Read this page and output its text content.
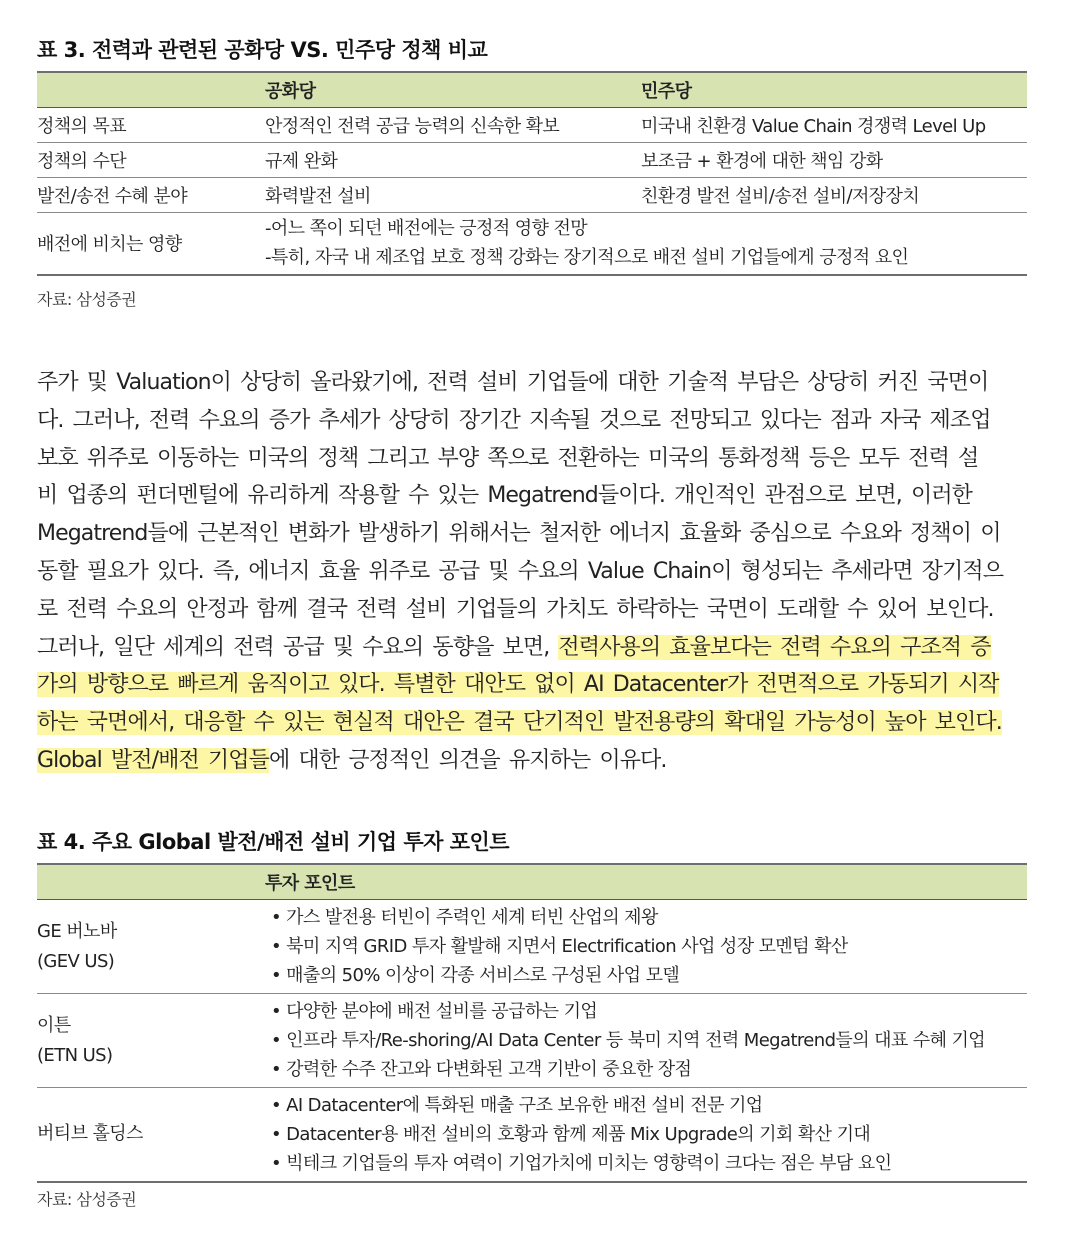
표 3. 전력과 관련된 공화당 VS. 민주당 정책 비교
	공화당	민주당
정책의 목표	안정적인 전력 공급 능력의 신속한 확보	미국내 친환경 Value Chain 경쟁력 Level Up
정책의 수단	규제 완화	보조금 + 환경에 대한 책임 강화
발전/송전 수혜 분야	화력발전 설비	친환경 발전 설비/송전 설비/저장장치
배전에 비치는 영향	-어느 쪽이 되던 배전에는 긍정적 영향 전망
-특히, 자국 내 제조업 보호 정책 강화는 장기적으로 배전 설비 기업들에게 긍정적 요인	
자료: 삼성증권
주가 및 Valuation이 상당히 올라왔기에, 전력 설비 기업들에 대한 기술적 부담은 상당히 커진 국면이
다. 그러나, 전력 수요의 증가 추세가 상당히 장기간 지속될 것으로 전망되고 있다는 점과 자국 제조업
보호 위주로 이동하는 미국의 정책 그리고 부양 쪽으로 전환하는 미국의 통화정책 등은 모두 전력 설
비 업종의 펀더멘털에 유리하게 작용할 수 있는 Megatrend들이다. 개인적인 관점으로 보면, 이러한
Megatrend들에 근본적인 변화가 발생하기 위해서는 철저한 에너지 효율화 중심으로 수요와 정책이 이
동할 필요가 있다. 즉, 에너지 효율 위주로 공급 및 수요의 Value Chain이 형성되는 추세라면 장기적으
로 전력 수요의 안정과 함께 결국 전력 설비 기업들의 가치도 하락하는 국면이 도래할 수 있어 보인다.
그러나, 일단 세계의 전력 공급 및 수요의 동향을 보면, 전력사용의 효율보다는 전력 수요의 구조적 증
가의 방향으로 빠르게 움직이고 있다. 특별한 대안도 없이 AI Datacenter가 전면적으로 가동되기 시작
하는 국면에서, 대응할 수 있는 현실적 대안은 결국 단기적인 발전용량의 확대일 가능성이 높아 보인다.
Global 발전/배전 기업들에 대한 긍정적인 의견을 유지하는 이유다.
표 4. 주요 Global 발전/배전 설비 기업 투자 포인트
	투자 포인트

GE 버노바
(GEV US)	• 가스 발전용 터빈이 주력인 세계 터빈 산업의 제왕
• 북미 지역 GRID 투자 활발해 지면서 Electrification 사업 성장 모멘텀 확산
• 매출의 50% 이상이 각종 서비스로 구성된 사업 모델

이튼
(ETN US)	• 다양한 분야에 배전 설비를 공급하는 기업
• 인프라 투자/Re-shoring/AI Data Center 등 북미 지역 전력 Megatrend들의 대표 수혜 기업
• 강력한 수주 잔고와 다변화된 고객 기반이 중요한 장점

버티브 홀딩스	• AI Datacenter에 특화된 매출 구조 보유한 배전 설비 전문 기업
• Datacenter용 배전 설비의 호황과 함께 제품 Mix Upgrade의 기회 확산 기대
• 빅테크 기업들의 투자 여력이 기업가치에 미치는 영향력이 크다는 점은 부담 요인
자료: 삼성증권
